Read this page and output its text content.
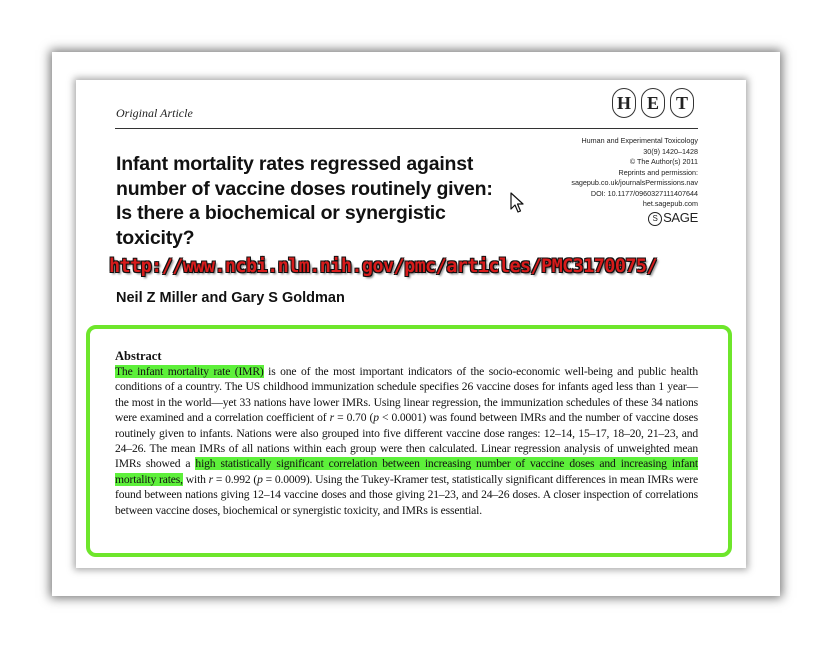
Original Article

H E T
Human and Experimental Toxicology
30(9) 1420–1428
© The Author(s) 2011
Reprints and permission:
sagepub.co.uk/journalsPermissions.nav
DOI: 10.1177/0960327111407644
het.sagepub.com
S SAGE
Infant mortality rates regressed against number of vaccine doses routinely given: Is there a biochemical or synergistic toxicity?
http://www.ncbi.nlm.nih.gov/pmc/articles/PMC3170075/

Neil Z Miller and Gary S Goldman

Abstract

The infant mortality rate (IMR) is one of the most important indicators of the socio-economic well-being and public health conditions of a country. The US childhood immunization schedule specifies 26 vaccine doses for infants aged less than 1 year—the most in the world—yet 33 nations have lower IMRs. Using linear regression, the immunization schedules of these 34 nations were examined and a correlation coefficient of r = 0.70 (p < 0.0001) was found between IMRs and the number of vaccine doses routinely given to infants. Nations were also grouped into five different vaccine dose ranges: 12–14, 15–17, 18–20, 21–23, and 24–26. The mean IMRs of all nations within each group were then calculated. Linear regression analysis of unweighted mean IMRs showed a high statistically significant correlation between increasing number of vaccine doses and increasing infant mortality rates, with r = 0.992 (p = 0.0009). Using the Tukey-Kramer test, statistically significant differences in mean IMRs were found between nations giving 12–14 vaccine doses and those giving 21–23, and 24–26 doses. A closer inspection of correlations between vaccine doses, biochemical or synergistic toxicity, and IMRs is essential.
